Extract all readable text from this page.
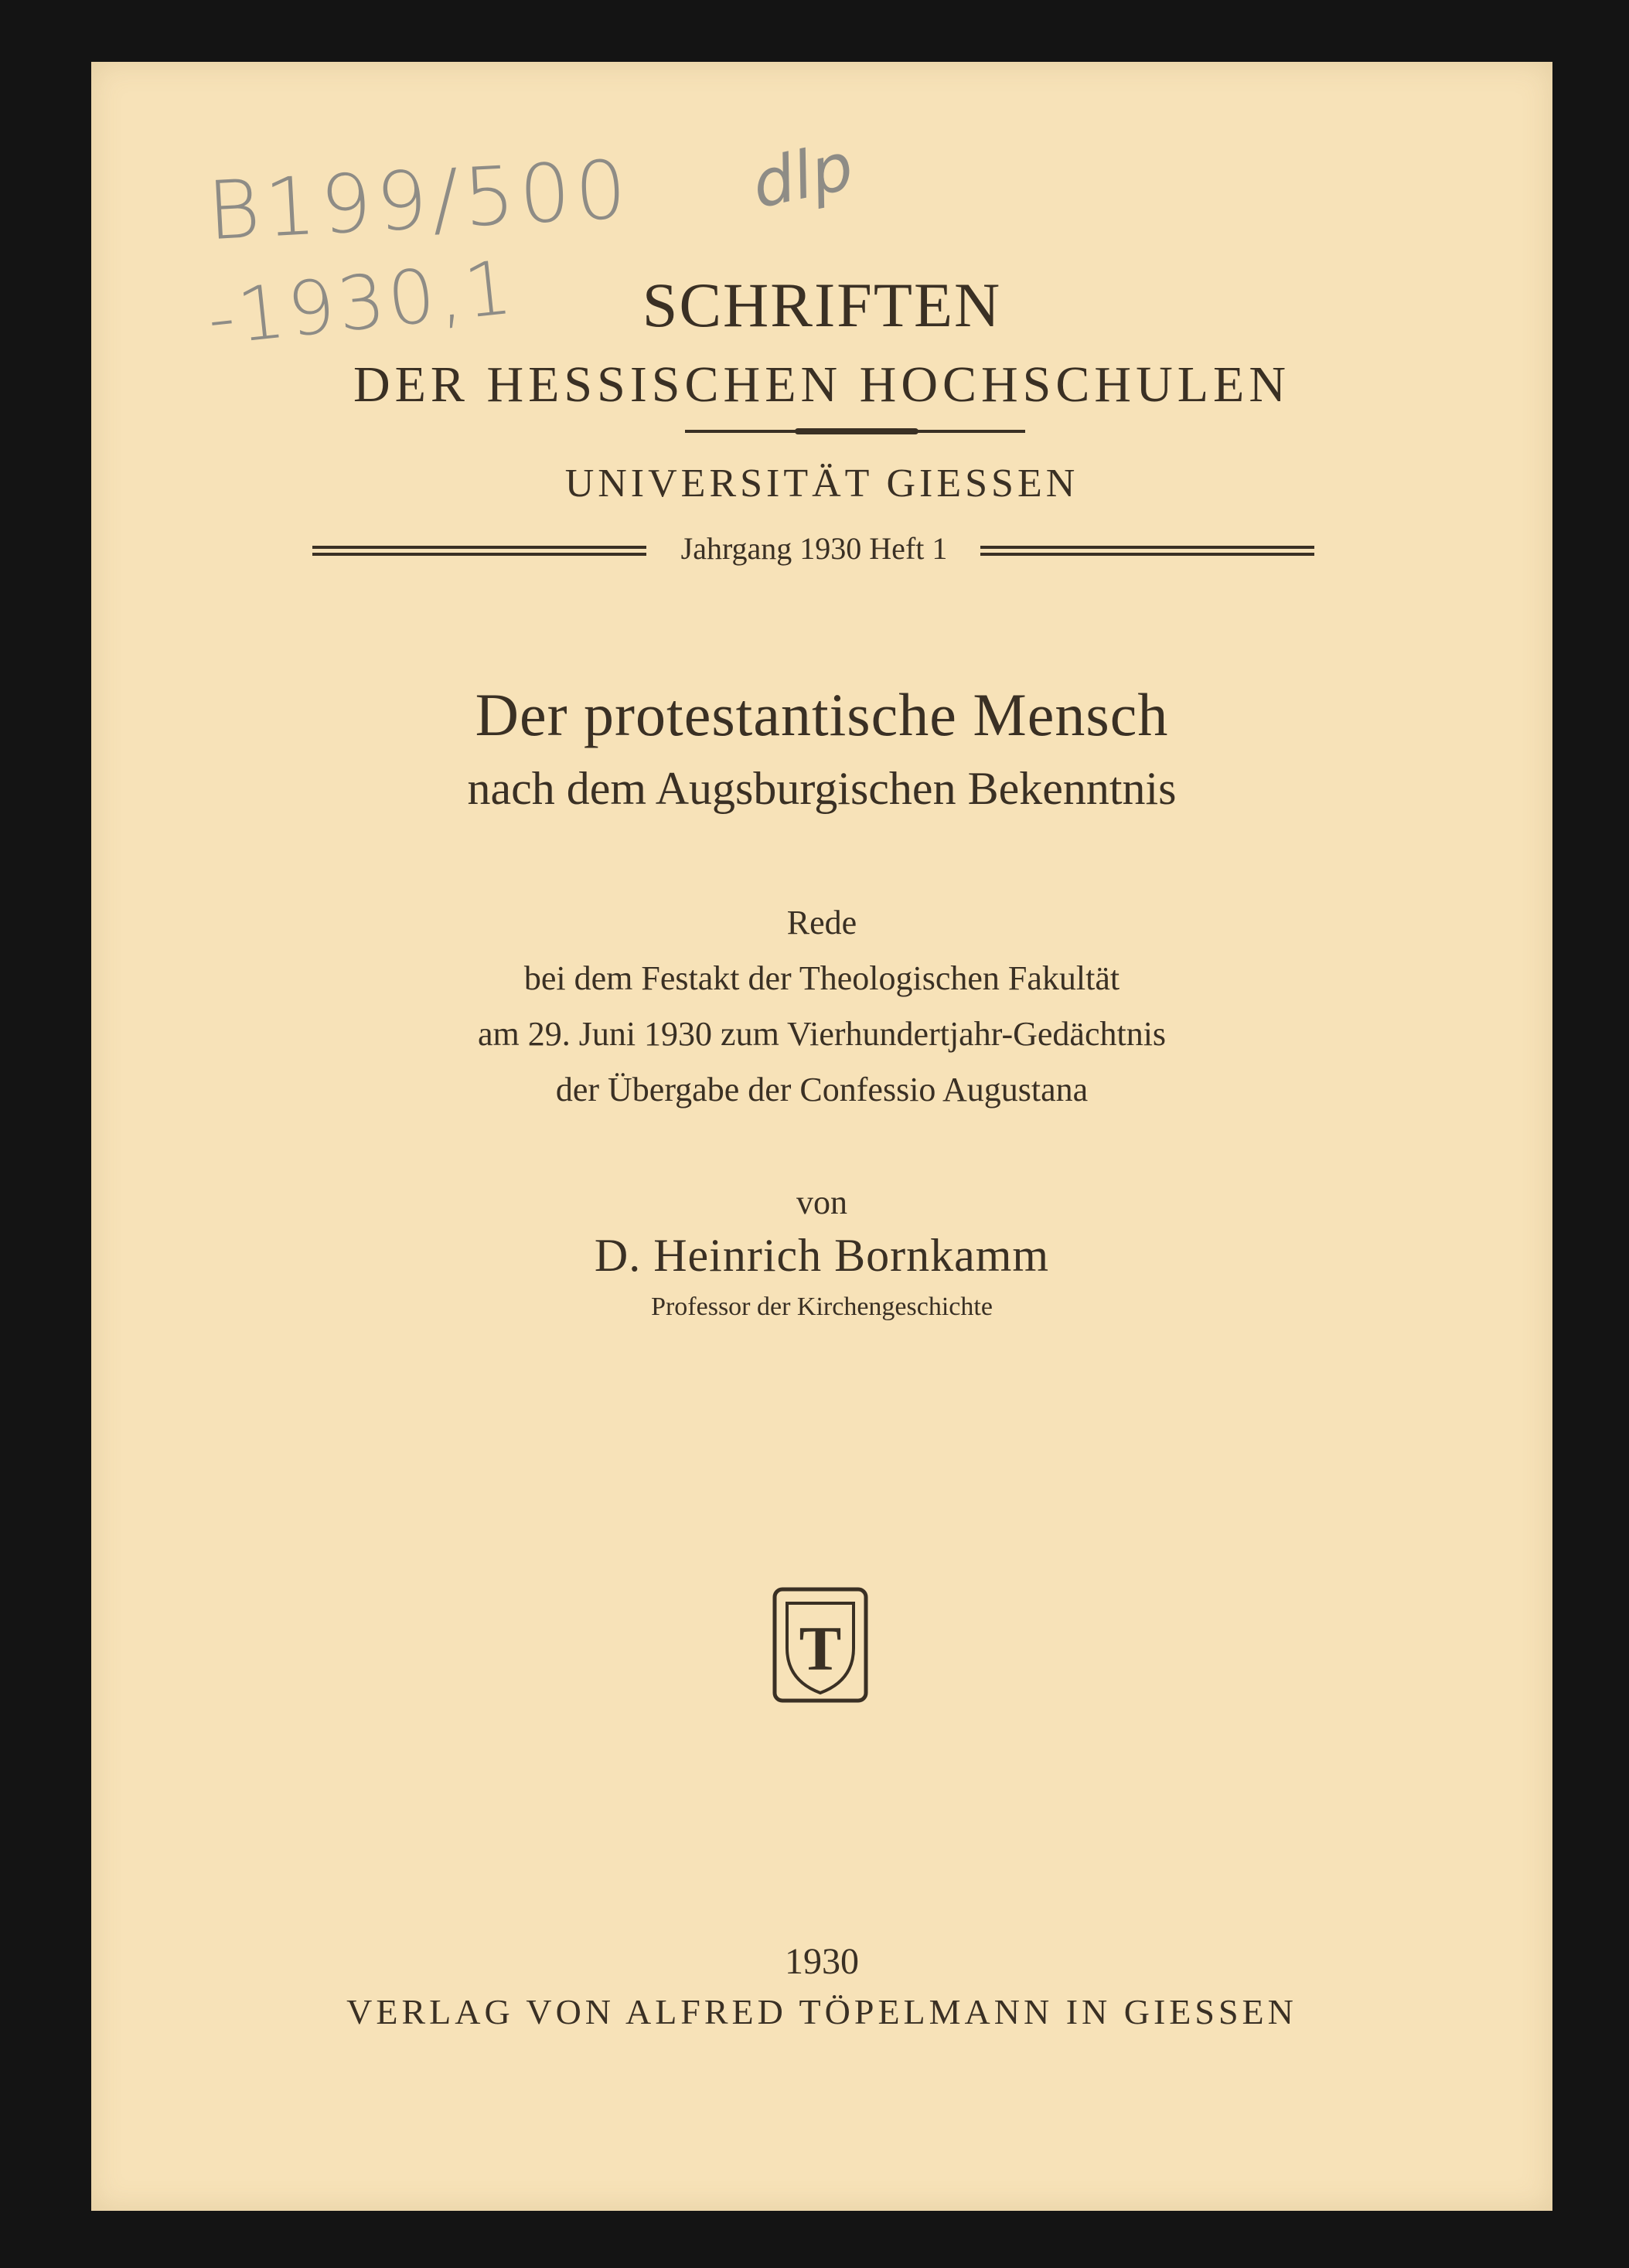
B199/500
-1930,1
dlp
SCHRIFTEN
DER HESSISCHEN HOCHSCHULEN
UNIVERSITÄT GIESSEN
Jahrgang 1930 Heft 1
Der protestantische Mensch
nach dem Augsburgischen Bekenntnis
Rede
bei dem Festakt der Theologischen Fakultät
am 29. Juni 1930 zum Vierhundertjahr-Gedächtnis
der Übergabe der Confessio Augustana
von
D. Heinrich Bornkamm
Professor der Kirchengeschichte
T
1930
VERLAG VON ALFRED TÖPELMANN IN GIESSEN
